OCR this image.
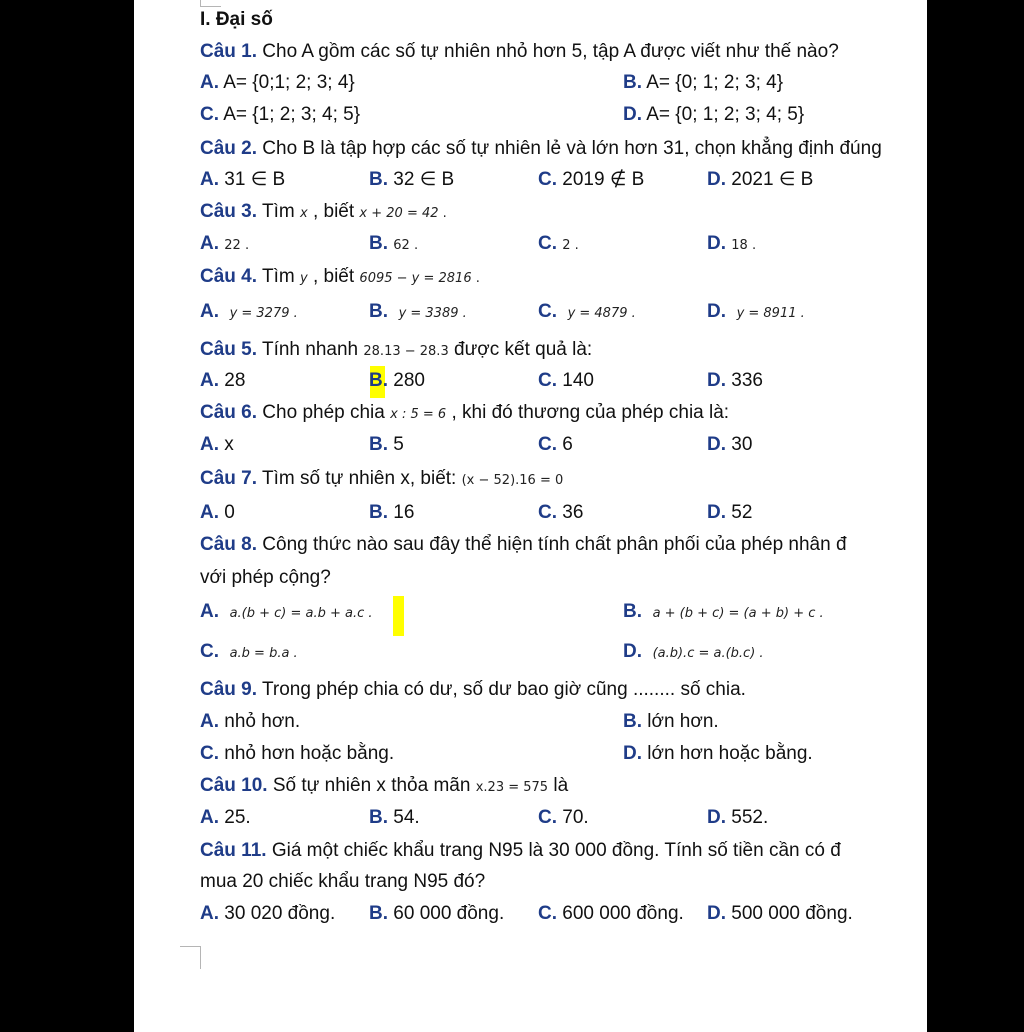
I. Đại số
Câu 1. Cho A gồm các số tự nhiên nhỏ hơn 5, tập A được viết như thế nào?
A. A= {0;1; 2; 3; 4}	B. A= {0; 1; 2; 3; 4}
C. A= {1; 2; 3; 4; 5}	D. A= {0; 1; 2; 3; 4; 5}
Câu 2. Cho B là tập hợp các số tự nhiên lẻ và lớn hơn 31, chọn khẳng định đúng
A. 31 ∈ B	B. 32 ∈ B	C. 2019 ∉ B	D. 2021 ∈ B
Câu 3. Tìm x , biết x + 20 = 42 .
A. 22 .	B. 62 .	C. 2 .	D. 18 .
Câu 4. Tìm y , biết 6095 − y = 2816 .
A. y = 3279 .	B. y = 3389 .	C. y = 4879 .	D. y = 8911 .
Câu 5. Tính nhanh 28.13 − 28.3 được kết quả là:
A. 28	B. 280	C. 140	D. 336
Câu 6. Cho phép chia x : 5 = 6 , khi đó thương của phép chia là:
A. x	B. 5	C. 6	D. 30
Câu 7. Tìm số tự nhiên x, biết: (x − 52).16 = 0
A. 0	B. 16	C. 36	D. 52
Câu 8. Công thức nào sau đây thể hiện tính chất phân phối của phép nhân đ
với phép cộng?
A. a.(b + c) = a.b + a.c .	B. a + (b + c) = (a + b) + c .
C. a.b = b.a .	D. (a.b).c = a.(b.c) .
Câu 9. Trong phép chia có dư, số dư bao giờ cũng ........ số chia.
A. nhỏ hơn.	B. lớn hơn.
C. nhỏ hơn hoặc bằng.	D. lớn hơn hoặc bằng.
Câu 10. Số tự nhiên x thỏa mãn x.23 = 575 là
A. 25.	B. 54.	C. 70.	D. 552.
Câu 11. Giá một chiếc khẩu trang N95 là 30 000 đồng. Tính số tiền cần có đ
mua 20 chiếc khẩu trang N95 đó?
A. 30 020 đồng. B. 60 000 đồng. C. 600 000 đồng. D. 500 000 đồng.
